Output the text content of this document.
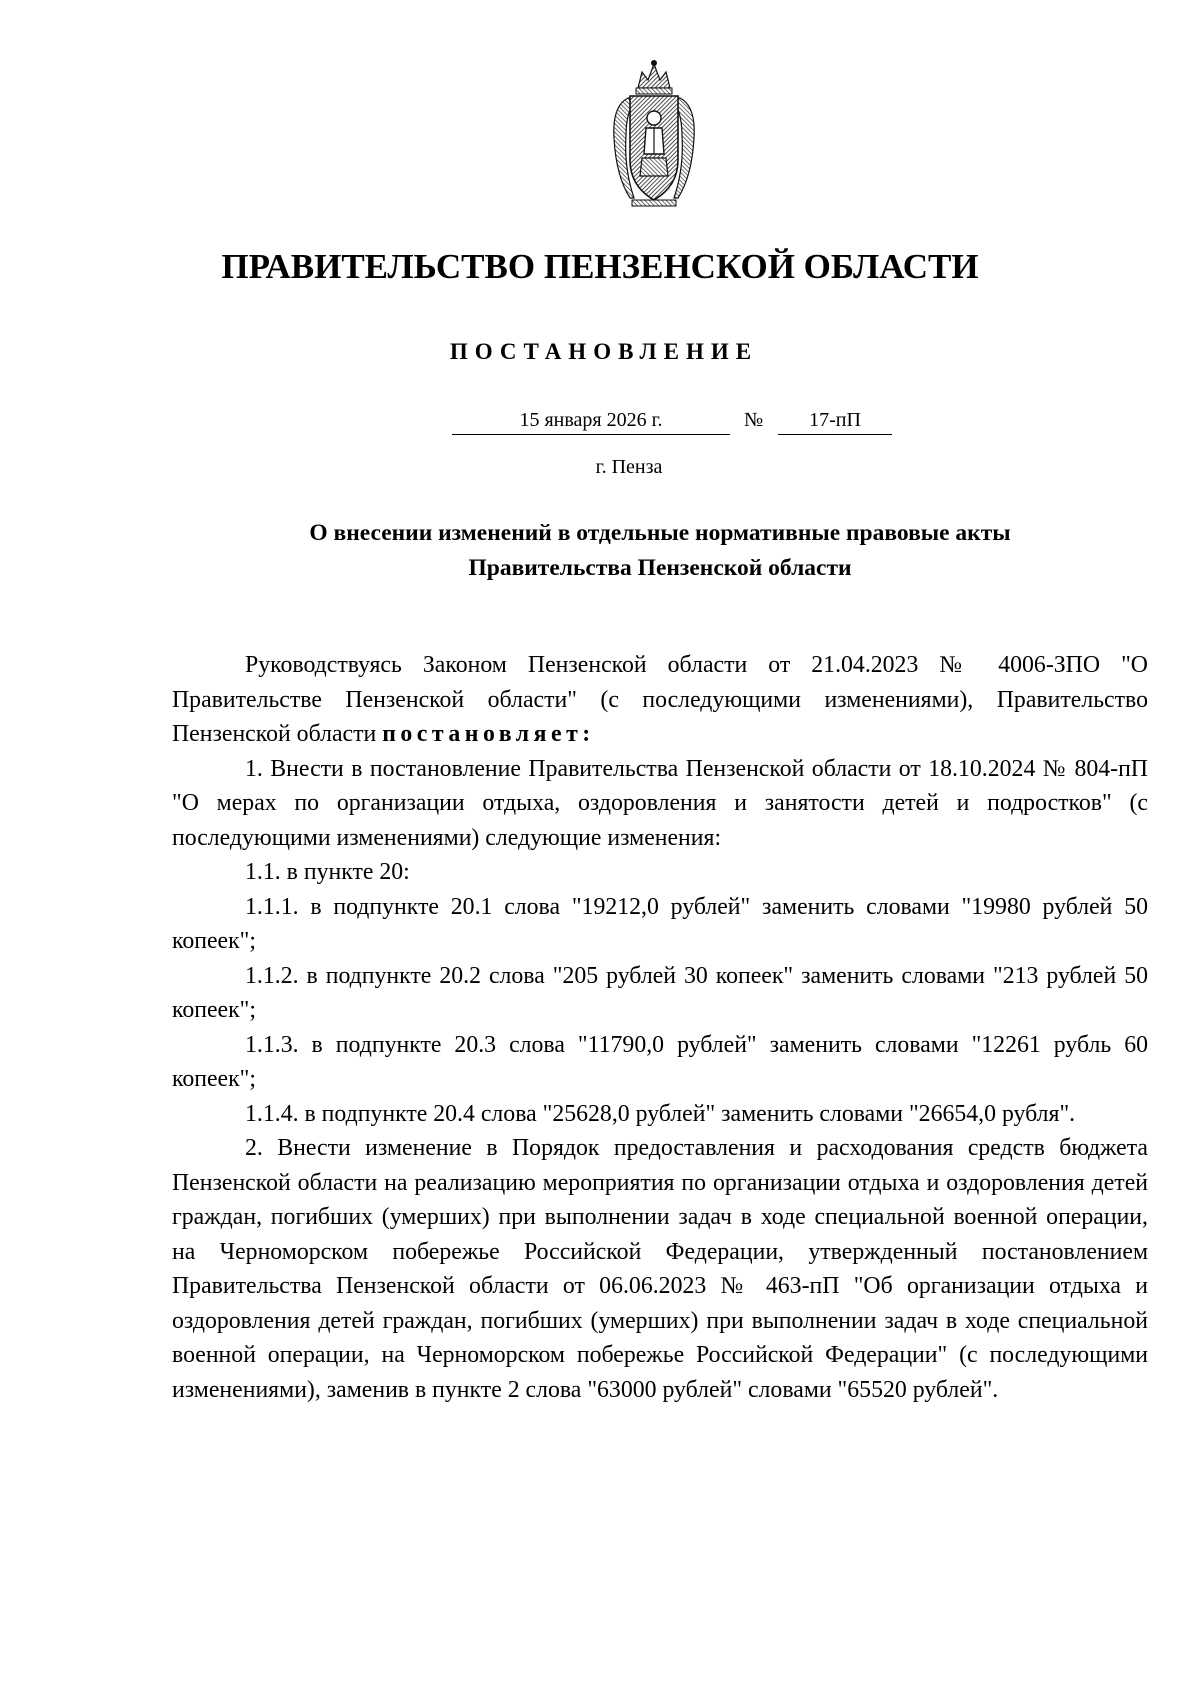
ПРАВИТЕЛЬСТВО ПЕНЗЕНСКОЙ ОБЛАСТИ
ПОСТАНОВЛЕНИЕ
15 января 2026 г.	№	17-пП
г. Пенза
О внесении изменений в отдельные нормативные правовые акты
Правительства Пензенской области

Руководствуясь Законом Пензенской области от 21.04.2023 № 4006-ЗПО "О Правительстве Пензенской области" (с последующими изменениями), Правительство Пензенской области постановляет:

1. Внести в постановление Правительства Пензенской области от 18.10.2024 № 804-пП "О мерах по организации отдыха, оздоровления и занятости детей и подростков" (с последующими изменениями) следующие изменения:

1.1. в пункте 20:

1.1.1. в подпункте 20.1 слова "19212,0 рублей" заменить словами "19980 рублей 50 копеек";

1.1.2. в подпункте 20.2 слова "205 рублей 30 копеек" заменить словами "213 рублей 50 копеек";

1.1.3. в подпункте 20.3 слова "11790,0 рублей" заменить словами "12261 рубль 60 копеек";

1.1.4. в подпункте 20.4 слова "25628,0 рублей" заменить словами "26654,0 рубля".

2. Внести изменение в Порядок предоставления и расходования средств бюджета Пензенской области на реализацию мероприятия по организации отдыха и оздоровления детей граждан, погибших (умерших) при выполнении задач в ходе специальной военной операции, на Черноморском побережье Российской Федерации, утвержденный постановлением Правительства Пензенской области от 06.06.2023 № 463-пП "Об организации отдыха и оздоровления детей граждан, погибших (умерших) при выполнении задач в ходе специальной военной операции, на Черноморском побережье Российской Федерации" (с последующими изменениями), заменив в пункте 2 слова "63000 рублей" словами "65520 рублей".
